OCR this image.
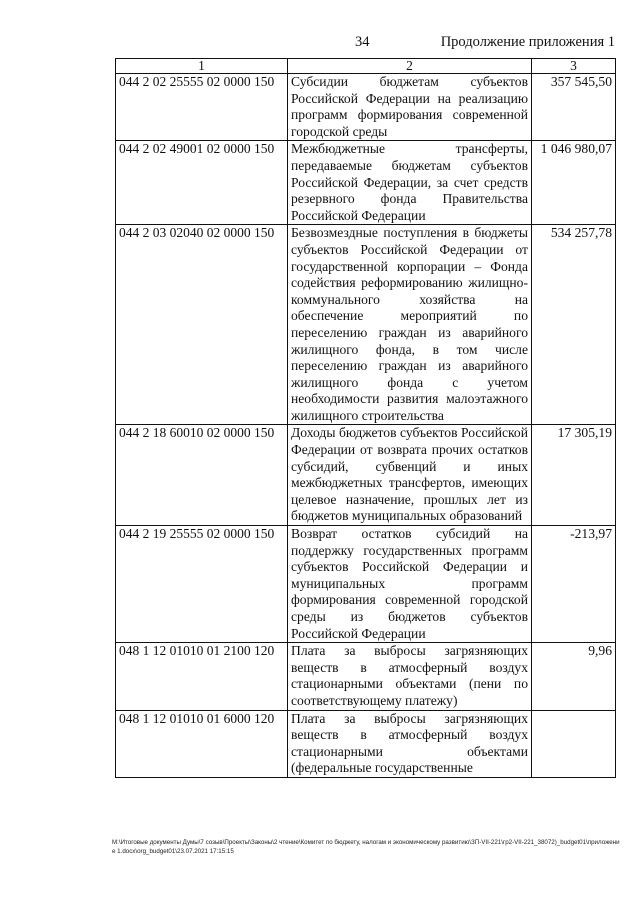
34	Продолжение приложения 1
1	2	3
044 2 02 25555 02 0000 150	Субсидии бюджетам субъектов Российской Федерации на реализацию программ формирования современной городской среды	357 545,50
044 2 02 49001 02 0000 150	Межбюджетные трансферты, передаваемые бюджетам субъектов Российской Федерации, за счет средств резервного фонда Правительства Российской Федерации	1 046 980,07
044 2 03 02040 02 0000 150	Безвозмездные поступления в бюджеты субъектов Российской Федерации от государственной корпорации – Фонда содействия реформированию жилищно-коммунального хозяйства на обеспечение мероприятий по переселению граждан из аварийного жилищного фонда, в том числе переселению граждан из аварийного жилищного фонда с учетом необходимости развития малоэтажного жилищного строительства	534 257,78
044 2 18 60010 02 0000 150	Доходы бюджетов субъектов Российской Федерации от возврата прочих остатков субсидий, субвенций и иных межбюджетных трансфертов, имеющих целевое назначение, прошлых лет из бюджетов муниципальных образований	17 305,19
044 2 19 25555 02 0000 150	Возврат остатков субсидий на поддержку государственных программ субъектов Российской Федерации и муниципальных программ формирования современной городской среды из бюджетов субъектов Российской Федерации	-213,97
048 1 12 01010 01 2100 120	Плата за выбросы загрязняющих веществ в атмосферный воздух стационарными объектами (пени по соответствующему платежу)	9,96
048 1 12 01010 01 6000 120	Плата за выбросы загрязняющих веществ в атмосферный воздух стационарными объектами (федеральные государственные	
M:\Итоговые документы Думы\7 созыв\Проекты\Законы\2 чтение\Комитет по бюджету, налогам и экономическому развитию\ЗП-VII-221\гр2-VII-221_38072)_budget01\приложение 1.docx\org_budget01\23.07.2021 17:15:15
